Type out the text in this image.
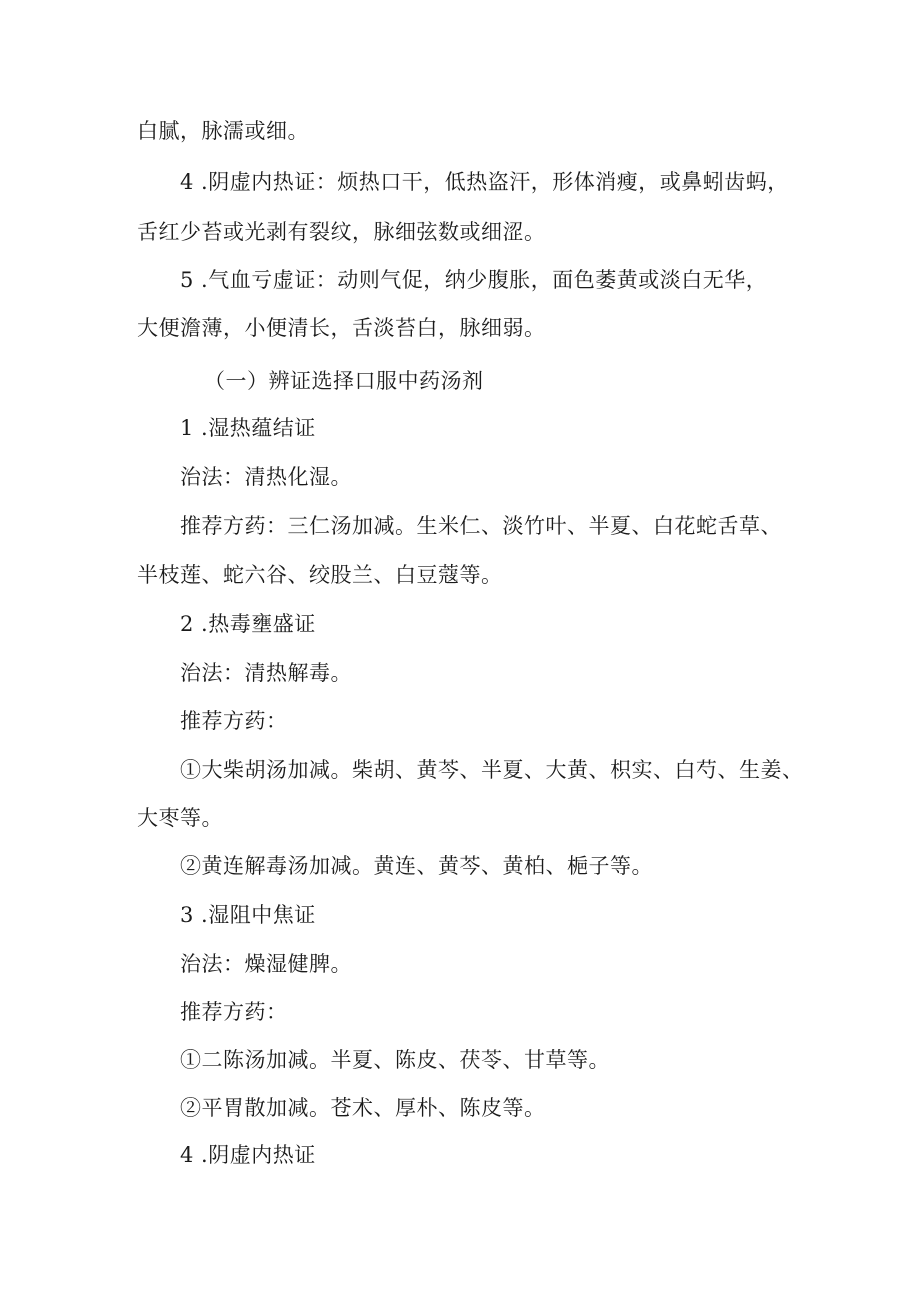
白腻，脉濡或细。
4 .阴虚内热证：烦热口干，低热盗汗，形体消瘦，或鼻蚓齿蚂，
舌红少苔或光剥有裂纹，脉细弦数或细涩。
5 .气血亏虚证：动则气促，纳少腹胀，面色萎黄或淡白无华，
大便澹薄，小便清长，舌淡苔白，脉细弱。
（一）辨证选择口服中药汤剂
1 .湿热蕴结证
治法：清热化湿。
推荐方药：三仁汤加减。生米仁、淡竹叶、半夏、白花蛇舌草、
半枝莲、蛇六谷、绞股兰、白豆蔻等。
2 .热毒壅盛证
治法：清热解毒。
推荐方药：
①大柴胡汤加减。柴胡、黄芩、半夏、大黄、枳实、白芍、生姜、
大枣等。
②黄连解毒汤加减。黄连、黄芩、黄柏、梔子等。
3 .湿阻中焦证
治法：燥湿健脾。
推荐方药：
①二陈汤加减。半夏、陈皮、茯苓、甘草等。
②平胃散加减。苍术、厚朴、陈皮等。
4 .阴虚内热证
